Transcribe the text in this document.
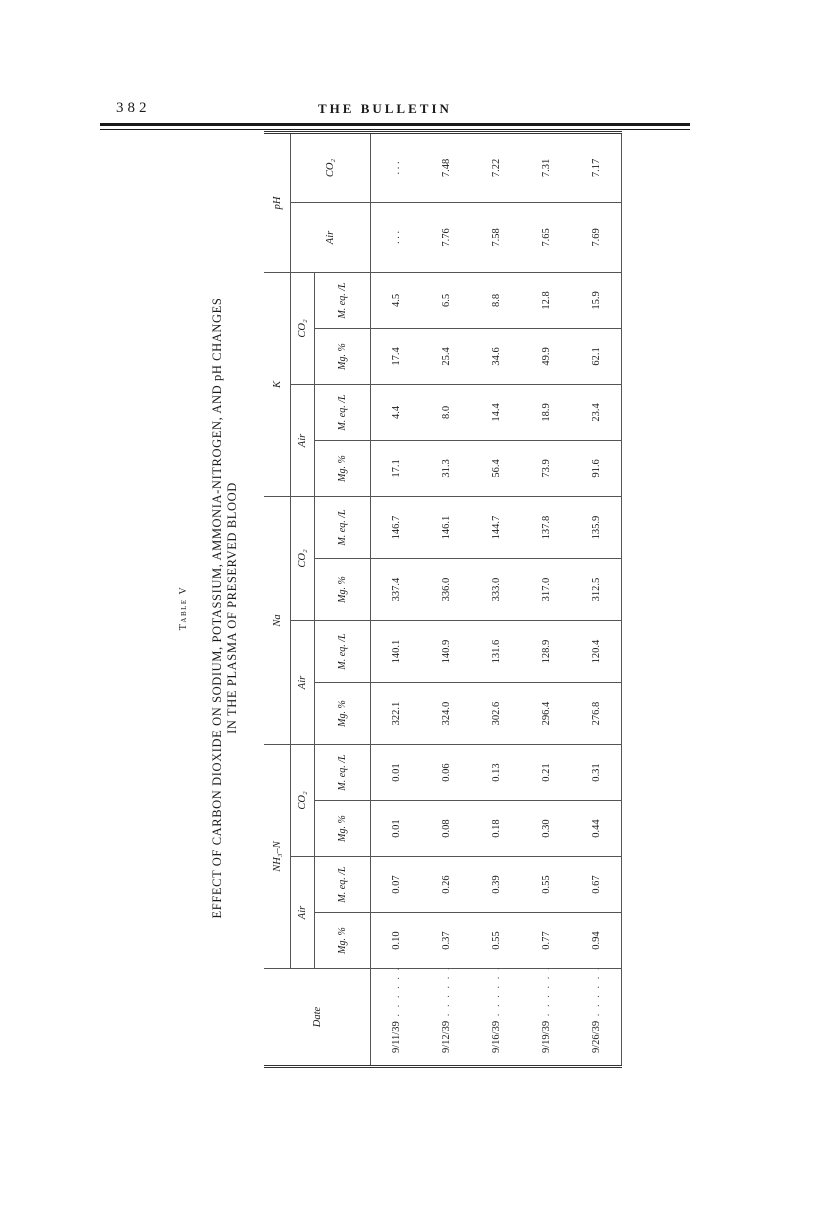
382	THE BULLETIN
EFFECT OF CARBON DIOXIDE ON SODIUM, POTASSIUM, AMMONIA-NITROGEN, AND pH CHANGES IN THE PLASMA OF PRESERVED BLOOD
Table V
Date	NH₃–N				Na				K				pH	
	Air		CO₂		Air		CO₂		Air		CO₂		Air	CO₂
	Mg. %	M. eq. /L	Mg. %	M. eq. /L	Mg. %	M. eq. /L	Mg. %	M. eq. /L	Mg. %	M. eq. /L	Mg. %	M. eq. /L		
9/11/39 . . . . . .	0.10	0.07	0.01	0.01	322.1	140.1	337.4	146.7	17.1	4.4	17.4	4.5	. . .	. . .
9/12/39 . . . . . .	0.37	0.26	0.08	0.06	324.0	140.9	336.0	146.1	31.3	8.0	25.4	6.5	7.76	7.48
9/16/39 . . . . . .	0.55	0.39	0.18	0.13	302.6	131.6	333.0	144.7	56.4	14.4	34.6	8.8	7.58	7.22
9/19/39 . . . . . .	0.77	0.55	0.30	0.21	296.4	128.9	317.0	137.8	73.9	18.9	49.9	12.8	7.65	7.31
9/26/39 . . . . . .	0.94	0.67	0.44	0.31	276.8	120.4	312.5	135.9	91.6	23.4	62.1	15.9	7.69	7.17
